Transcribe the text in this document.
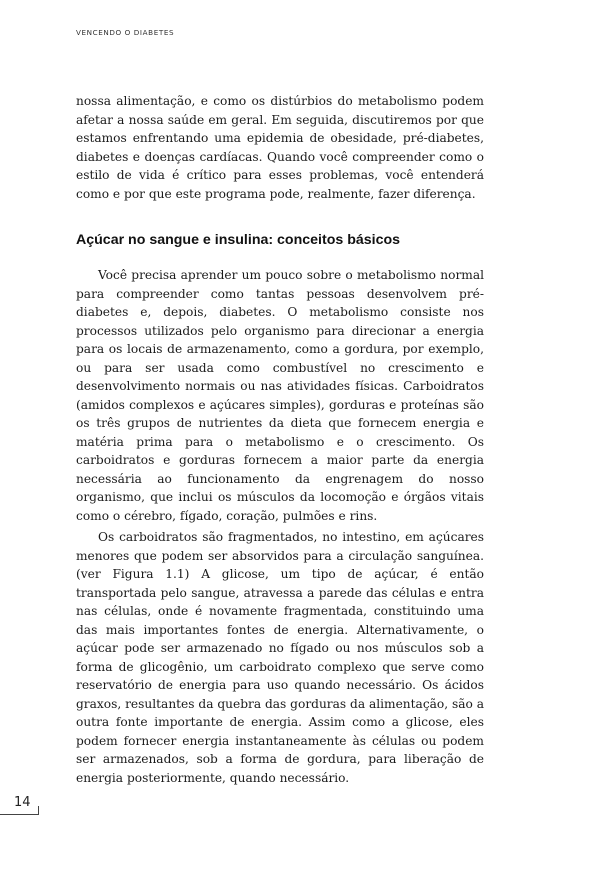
VENCENDO O DIABETES

nossa alimentação, e como os distúrbios do metabolismo podem afetar a nossa saúde em geral. Em seguida, discutiremos por que estamos enfrentando uma epidemia de obesidade, pré-diabetes, diabetes e doenças cardíacas. Quando você compreender como o estilo de vida é crítico para esses problemas, você entenderá como e por que este programa pode, realmente, fazer diferença.

Açúcar no sangue e insulina: conceitos básicos

Você precisa aprender um pouco sobre o metabolismo normal para compreender como tantas pessoas desenvolvem pré-diabetes e, depois, diabetes. O metabolismo consiste nos processos utilizados pelo organismo para direcionar a energia para os locais de armazenamento, como a gordura, por exemplo, ou para ser usada como combustível no crescimento e desenvolvimento normais ou nas atividades físicas. Carboidratos (amidos complexos e açúcares simples), gorduras e proteínas são os três grupos de nutrientes da dieta que fornecem energia e matéria prima para o metabolismo e o crescimento. Os carboidratos e gorduras fornecem a maior parte da energia necessária ao funcionamento da engrenagem do nosso organismo, que inclui os músculos da locomoção e órgãos vitais como o cérebro, fígado, coração, pulmões e rins.

Os carboidratos são fragmentados, no intestino, em açúcares menores que podem ser absorvidos para a circulação sanguínea. (ver Figura 1.1) A glicose, um tipo de açúcar, é então transportada pelo sangue, atravessa a parede das células e entra nas células, onde é novamente fragmentada, constituindo uma das mais importantes fontes de energia. Alternativamente, o açúcar pode ser armazenado no fígado ou nos músculos sob a forma de glicogênio, um carboidrato complexo que serve como reservatório de energia para uso quando necessário. Os ácidos graxos, resultantes da quebra das gorduras da alimentação, são a outra fonte importante de energia. Assim como a glicose, eles podem fornecer energia instantaneamente às células ou podem ser armazenados, sob a forma de gordura, para liberação de energia posteriormente, quando necessário.

14
